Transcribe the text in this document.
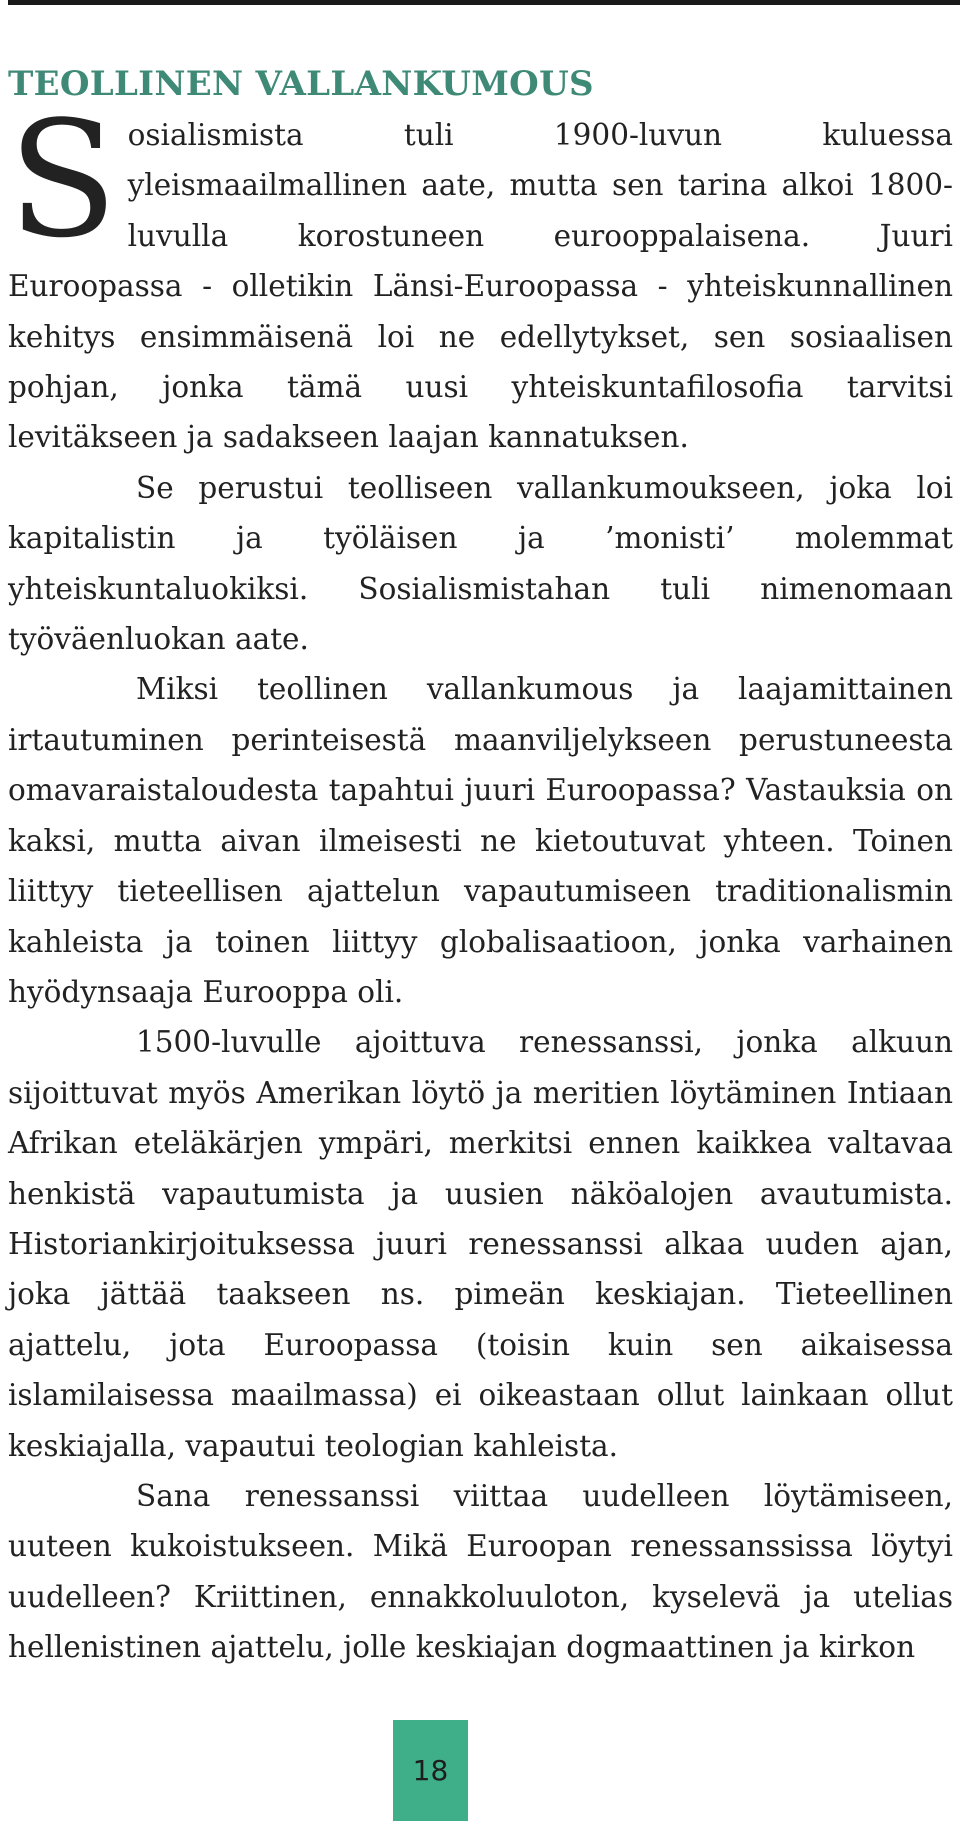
TEOLLINEN VALLANKUMOUS

Sosialismista tuli 1900-luvun kuluessa yleismaailmallinen aate, mutta sen tarina alkoi 1800-luvulla korostuneen eurooppalaisena. Juuri Euroopassa - olletikin Länsi-Euroopassa - yhteiskunnallinen kehitys ensimmäisenä loi ne edellytykset, sen sosiaalisen pohjan, jonka tämä uusi yhteiskuntafilosofia tarvitsi levitäkseen ja sadakseen laajan kannatuksen.

Se perustui teolliseen vallankumoukseen, joka loi kapitalistin ja työläisen ja ’monisti’ molemmat yhteiskuntaluokiksi. Sosialismistahan tuli nimenomaan työväenluokan aate.

Miksi teollinen vallankumous ja laajamittainen irtautuminen perinteisestä maanviljelykseen perustuneesta omavaraistaloudesta tapahtui juuri Euroopassa? Vastauksia on kaksi, mutta aivan ilmeisesti ne kietoutuvat yhteen. Toinen liittyy tieteellisen ajattelun vapautumiseen traditionalismin kahleista ja toinen liittyy globalisaatioon, jonka varhainen hyödynsaaja Eurooppa oli.

1500-luvulle ajoittuva renessanssi, jonka alkuun sijoittuvat myös Amerikan löytö ja meritien löytäminen Intiaan Afrikan eteläkärjen ympäri, merkitsi ennen kaikkea valtavaa henkistä vapautumista ja uusien näköalojen avautumista. Historiankirjoituksessa juuri renessanssi alkaa uuden ajan, joka jättää taakseen ns. pimeän keskiajan. Tieteellinen ajattelu, jota Euroopassa (toisin kuin sen aikaisessa islamilaisessa maailmassa) ei oikeastaan ollut lainkaan ollut keskiajalla, vapautui teologian kahleista.

Sana renessanssi viittaa uudelleen löytämiseen, uuteen kukoistukseen. Mikä Euroopan renessanssissa löytyi uudelleen? Kriittinen, ennakkoluuloton, kyselevä ja utelias hellenistinen ajattelu, jolle keskiajan dogmaattinen ja kirkon

18
